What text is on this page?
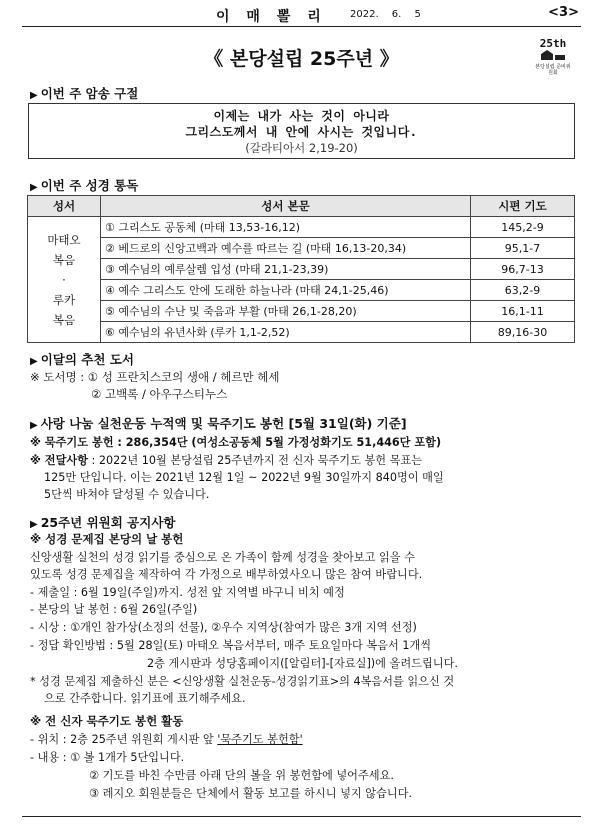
이 매 뽈 리 2022. 6. 5	<3>
《 본당설립 25주년 》
25th
본당설립 준비위원회
▶ 이번 주 암송 구절
이제는 내가 사는 것이 아니라
그리스도께서 내 안에 사시는 것입니다.
(갈라티아서 2,19-20)
▶ 이번 주 성경 통독
성서	성서 본문	시편 기도

마태오
복음
·
루카
복음	① 그리스도 공동체 (마태 13,53-16,12)	145,2-9
	② 베드로의 신앙고백과 예수를 따르는 길 (마태 16,13-20,34)	95,1-7
	③ 예수님의 예루살렘 입성 (마태 21,1-23,39)	96,7-13
	④ 예수 그리스도 안에 도래한 하늘나라 (마태 24,1-25,46)	63,2-9
	⑤ 예수님의 수난 및 죽음과 부활 (마태 26,1-28,20)	16,1-11
	⑥ 예수님의 유년사화 (루카 1,1-2,52)	89,16-30
▶ 이달의 추천 도서
※ 도서명 : ① 성 프란치스코의 생애 / 헤르만 헤세
② 고백록 / 아우구스티누스
▶ 사랑 나눔 실천운동 누적액 및 묵주기도 봉헌 [5월 31일(화) 기준]
※ 묵주기도 봉헌 : 286,354단 (여성소공동체 5월 가정성화기도 51,446단 포함)
※ 전달사항 : 2022년 10월 본당설립 25주년까지 전 신자 묵주기도 봉헌 목표는
125만 단입니다. 이는 2021년 12월 1일 ~ 2022년 9월 30일까지 840명이 매일
5단씩 바쳐야 달성될 수 있습니다.
▶ 25주년 위원회 공지사항
※ 성경 문제집 본당의 날 봉헌
신앙생활 실천의 성경 읽기를 중심으로 온 가족이 함께 성경을 찾아보고 읽을 수
있도록 성경 문제집을 제작하여 각 가정으로 배부하였사오니 많은 참여 바랍니다.
- 제출일 : 6월 19일(주일)까지. 성전 앞 지역별 바구니 비치 예정
- 본당의 날 봉헌 : 6월 26일(주일)
- 시상 : ①개인 참가상(소정의 선물), ②우수 지역상(참여가 많은 3개 지역 선정)
- 정답 확인방법 : 5월 28일(토) 마태오 복음서부터, 매주 토요일마다 복음서 1개씩
2층 게시판과 성당홈페이지([알림터]-[자료실])에 올려드립니다.
* 성경 문제집 제출하신 분은 <신앙생활 실천운동-성경읽기표>의 4복음서를 읽으신 것
으로 간주합니다. 읽기표에 표기해주세요.
※ 전 신자 묵주기도 봉헌 활동
- 위치 : 2층 25주년 위원회 게시판 앞 '묵주기도 봉헌함'
- 내용 : ① 볼 1개가 5단입니다.
② 기도를 바친 수만큼 아래 단의 볼을 위 봉헌함에 넣어주세요.
③ 레지오 회원분들은 단체에서 활동 보고를 하시니 넣지 않습니다.
